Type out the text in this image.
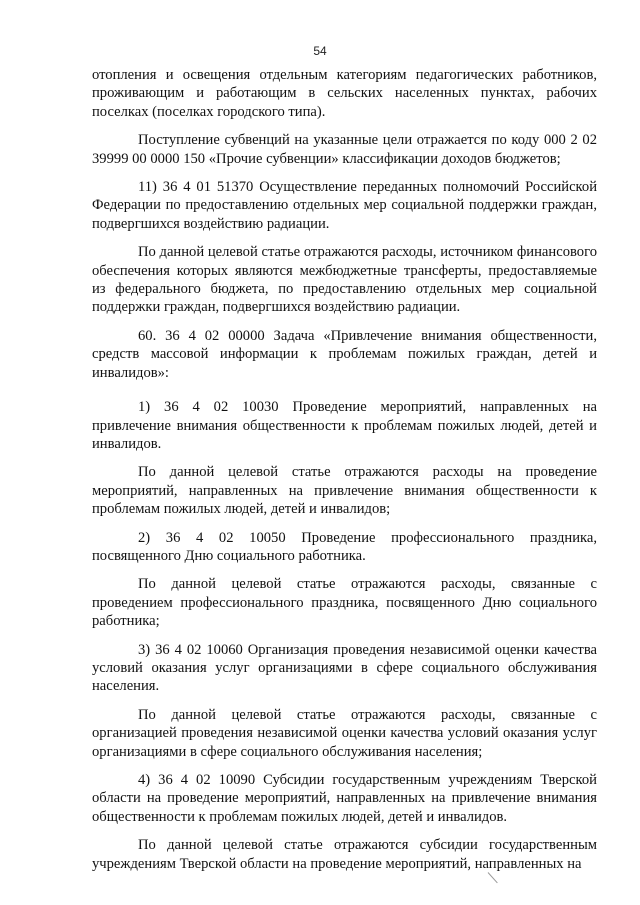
54

отопления и освещения отдельным категориям педагогических работников, проживающим и работающим в сельских населенных пунктах, рабочих поселках (поселках городского типа).

Поступление субвенций на указанные цели отражается по коду 000 2 02 39999 00 0000 150 «Прочие субвенции» классификации доходов бюджетов;

11) 36 4 01 51370 Осуществление переданных полномочий Российской Федерации по предоставлению отдельных мер социальной поддержки граждан, подвергшихся воздействию радиации.

По данной целевой статье отражаются расходы, источником финансового обеспечения которых являются межбюджетные трансферты, предоставляемые из федерального бюджета, по предоставлению отдельных мер социальной поддержки граждан, подвергшихся воздействию радиации.

60. 36 4 02 00000 Задача «Привлечение внимания общественности, средств массовой информации к проблемам пожилых граждан, детей и инвалидов»:

1) 36 4 02 10030 Проведение мероприятий, направленных на привлечение внимания общественности к проблемам пожилых людей, детей и инвалидов.

По данной целевой статье отражаются расходы на проведение мероприятий, направленных на привлечение внимания общественности к проблемам пожилых людей, детей и инвалидов;

2) 36 4 02 10050 Проведение профессионального праздника, посвященного Дню социального работника.

По данной целевой статье отражаются расходы, связанные с проведением профессионального праздника, посвященного Дню социального работника;

3) 36 4 02 10060 Организация проведения независимой оценки качества условий оказания услуг организациями в сфере социального обслуживания населения.

По данной целевой статье отражаются расходы, связанные с организацией проведения независимой оценки качества условий оказания услуг организациями в сфере социального обслуживания населения;

4) 36 4 02 10090 Субсидии государственным учреждениям Тверской области на проведение мероприятий, направленных на привлечение внимания общественности к проблемам пожилых людей, детей и инвалидов.

По данной целевой статье отражаются субсидии государственным учреждениям Тверской области на проведение мероприятий, направленных на
